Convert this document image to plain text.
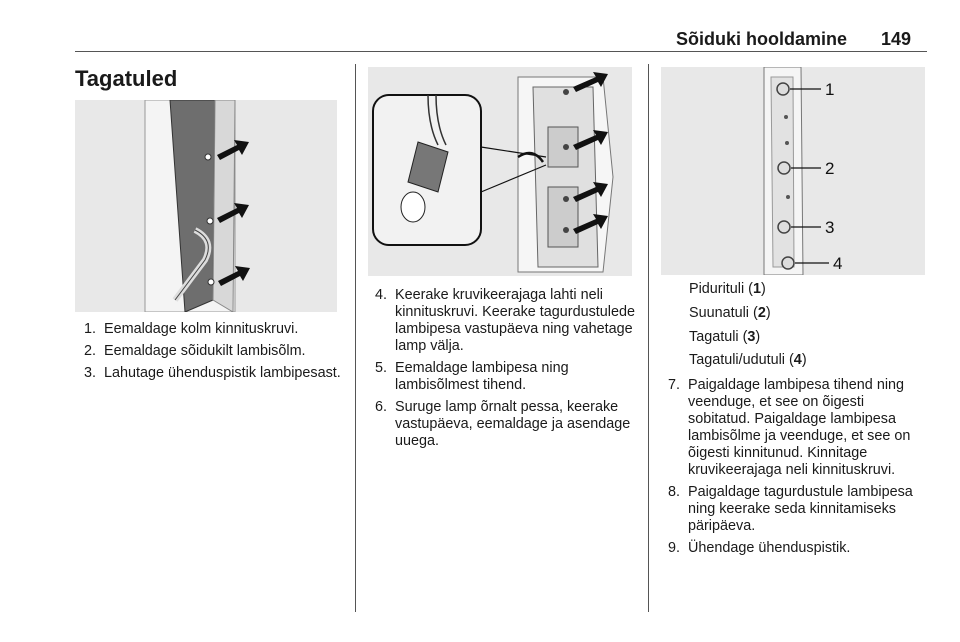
Sõiduki hooldamine 149
Tagatuled
1. Eemaldage kolm kinnituskruvi.
2. Eemaldage sõidukilt lambisõlm.
3. Lahutage ühenduspistik lambipesast.
4. Keerake kruvikeerajaga lahti neli kinnituskruvi. Keerake tagurdustulede lambipesa vastupäeva ning vahetage lamp välja.
5. Eemaldage lambipesa ning lambisõlmest tihend.
6. Suruge lamp õrnalt pessa, keerake vastupäeva, eemaldage ja asendage uuega.
1
2
3
4
Pidurituli (1)
Suunatuli (2)
Tagatuli (3)
Tagatuli/udutuli (4)
7. Paigaldage lambipesa tihend ning veenduge, et see on õigesti sobitatud. Paigaldage lambipesa lambisõlme ja veenduge, et see on õigesti kinnitunud. Kinnitage kruvikeerajaga neli kinnituskruvi.
8. Paigaldage tagurdustule lambipesa ning keerake seda kinnitamiseks päripäeva.
9. Ühendage ühenduspistik.
